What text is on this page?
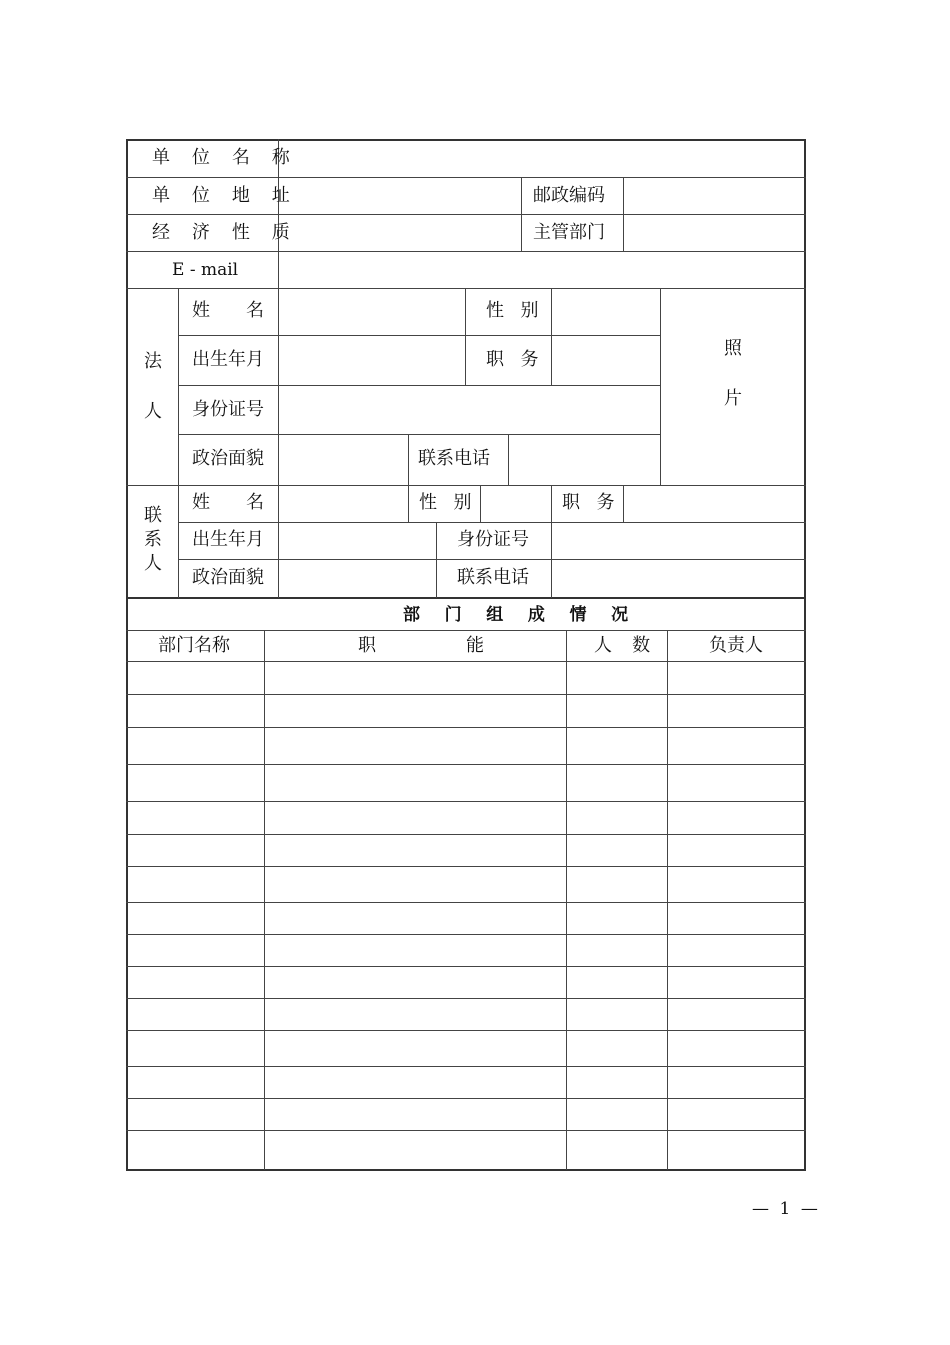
单 位 名 称
单 位 地 址	邮政编码
经 济 性 质	主管部门
E - mail
法
人
姓　　名	性 别
出生年月	职 务
身份证号
政治面貌	联系电话
照
片
联
系
人
姓　　名	性 别	职 务
出生年月	身份证号
政治面貌	联系电话
部 门 组 成 情 况
部门名称	职　　　　　能	人 数	负责人
— 1 —
